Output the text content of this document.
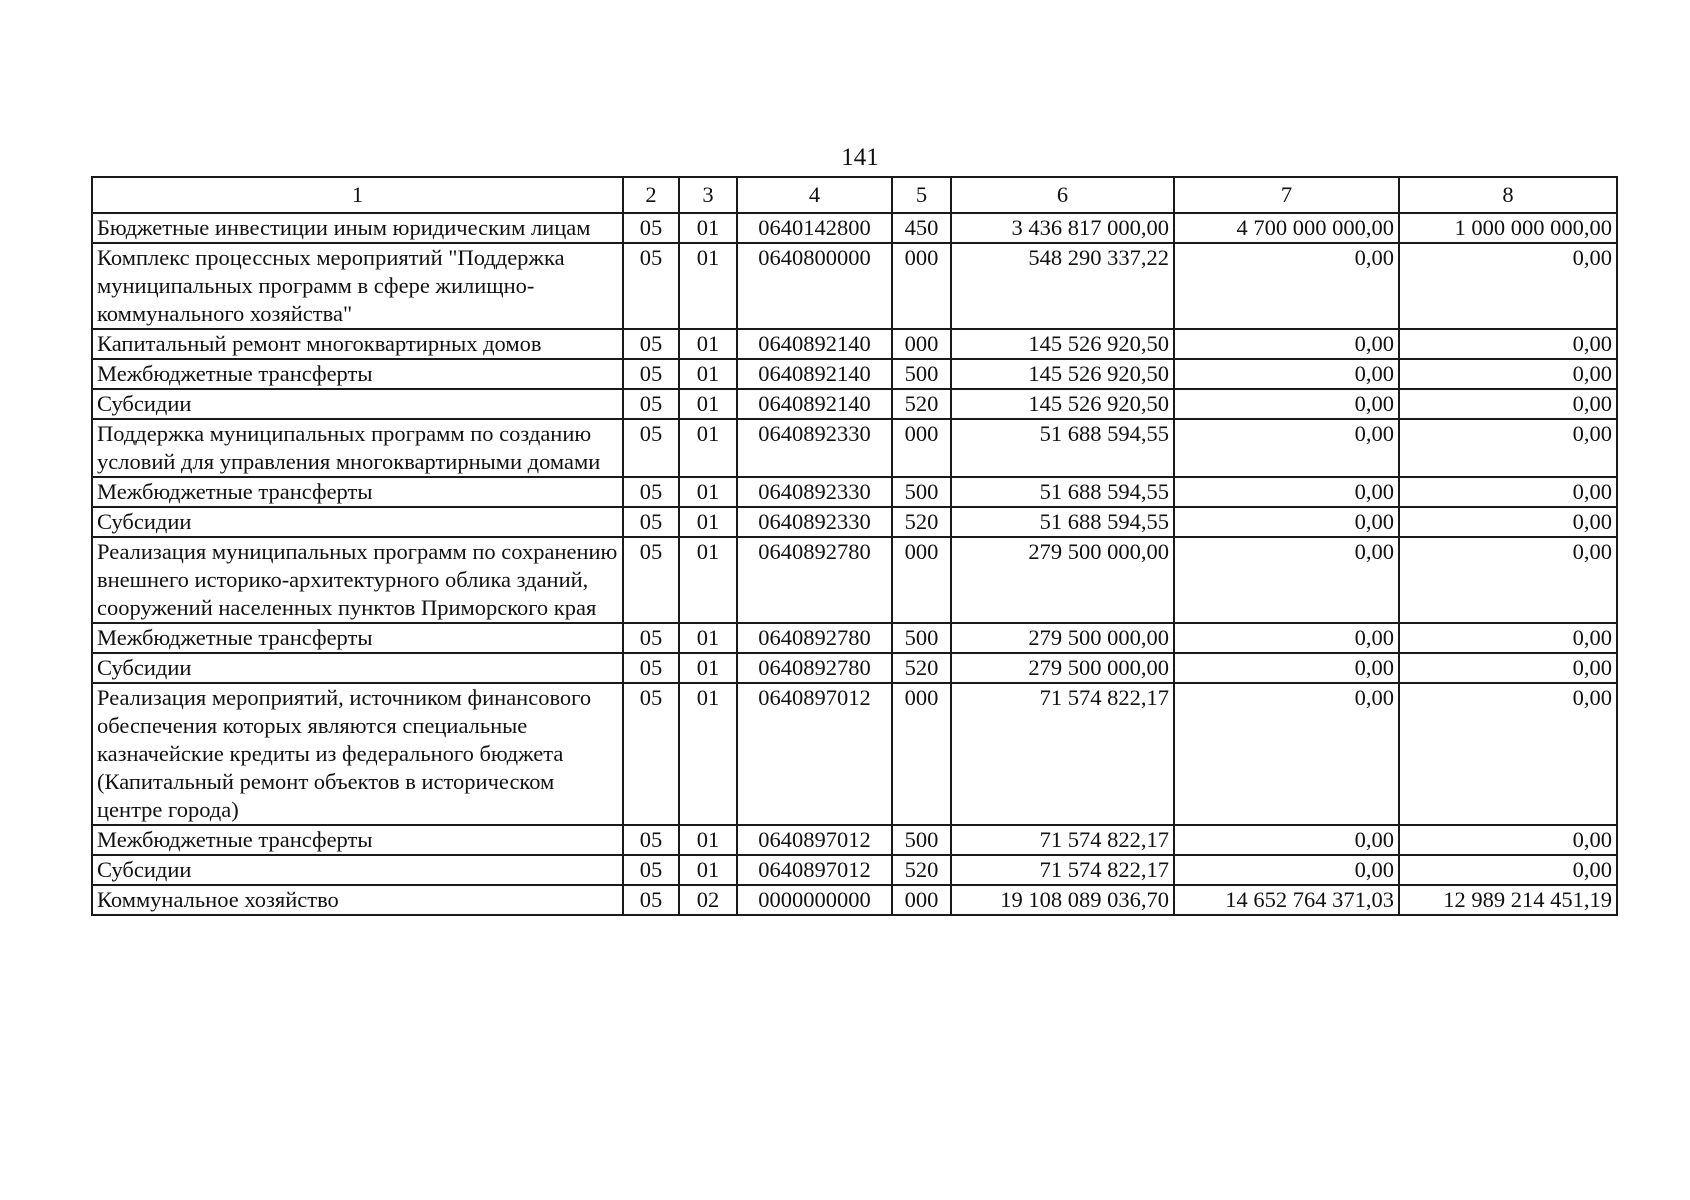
141
1	2	3	4	5	6	7	8
Бюджетные инвестиции иным юридическим лицам	05	01	0640142800	450	3 436 817 000,00	4 700 000 000,00	1 000 000 000,00
Комплекс процессных мероприятий "Поддержка муниципальных программ в сфере жилищно-коммунального хозяйства"	05	01	0640800000	000	548 290 337,22	0,00	0,00
Капитальный ремонт многоквартирных домов	05	01	0640892140	000	145 526 920,50	0,00	0,00
Межбюджетные трансферты	05	01	0640892140	500	145 526 920,50	0,00	0,00
Субсидии	05	01	0640892140	520	145 526 920,50	0,00	0,00
Поддержка муниципальных программ по созданию условий для управления многоквартирными домами	05	01	0640892330	000	51 688 594,55	0,00	0,00
Межбюджетные трансферты	05	01	0640892330	500	51 688 594,55	0,00	0,00
Субсидии	05	01	0640892330	520	51 688 594,55	0,00	0,00
Реализация муниципальных программ по сохранению внешнего историко-архитектурного облика зданий, сооружений населенных пунктов Приморского края	05	01	0640892780	000	279 500 000,00	0,00	0,00
Межбюджетные трансферты	05	01	0640892780	500	279 500 000,00	0,00	0,00
Субсидии	05	01	0640892780	520	279 500 000,00	0,00	0,00
Реализация мероприятий, источником финансового обеспечения которых являются специальные казначейские кредиты из федерального бюджета (Капитальный ремонт объектов в историческом центре города)	05	01	0640897012	000	71 574 822,17	0,00	0,00
Межбюджетные трансферты	05	01	0640897012	500	71 574 822,17	0,00	0,00
Субсидии	05	01	0640897012	520	71 574 822,17	0,00	0,00
Коммунальное хозяйство	05	02	0000000000	000	19 108 089 036,70	14 652 764 371,03	12 989 214 451,19
